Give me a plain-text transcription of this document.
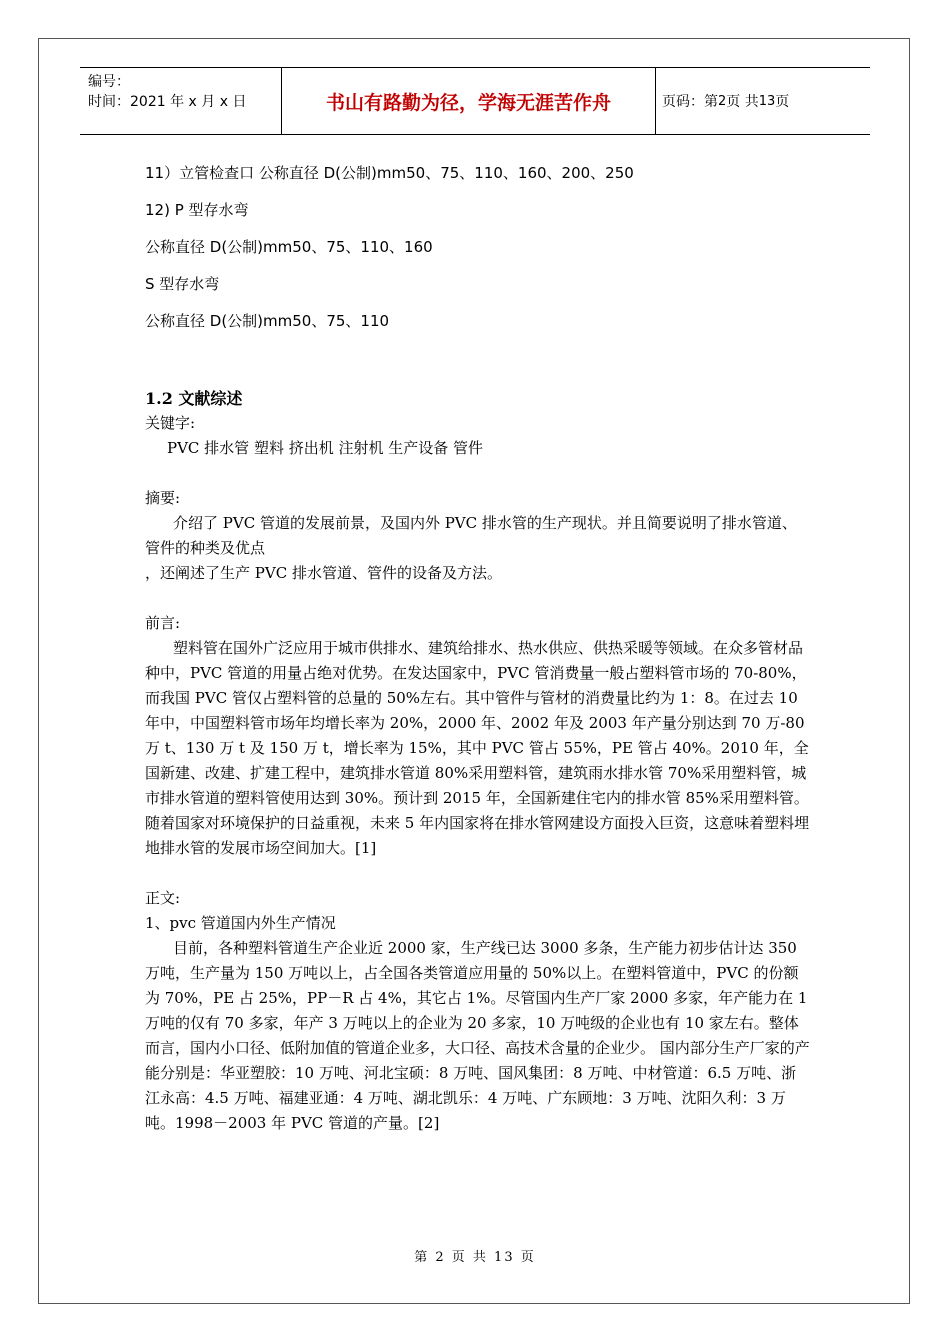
编号：
时间：2021 年 x 月 x 日	书山有路勤为径，学海无涯苦作舟	页码：第 2 页 共 13 页

11）立管检查口 公称直径 D(公制)mm50、75、110、160、200、250

12) P 型存水弯

公称直径 D(公制)mm50、75、110、160

S 型存水弯

公称直径 D(公制)mm50、75、110

1.2 文献综述

关键字:

PVC 排水管 塑料 挤出机 注射机 生产设备 管件

摘要:

介绍了 PVC 管道的发展前景，及国内外 PVC 排水管的生产现状。并且简要说明了排水管道、管件的种类及优点

，还阐述了生产 PVC 排水管道、管件的设备及方法。

前言:

塑料管在国外广泛应用于城市供排水、建筑给排水、热水供应、供热采暖等领域。在众多管材品种中，PVC 管道的用量占绝对优势。在发达国家中，PVC 管消费量一般占塑料管市场的 70-80%，而我国 PVC 管仅占塑料管的总量的 50%左右。其中管件与管材的消费量比约为 1：8。在过去 10 年中，中国塑料管市场年均增长率为 20%，2000 年、2002 年及 2003 年产量分别达到 70 万-80 万 t、130 万 t 及 150 万 t，增长率为 15%，其中 PVC 管占 55%，PE 管占 40%。2010 年，全国新建、改建、扩建工程中，建筑排水管道 80%采用塑料管，建筑雨水排水管 70%采用塑料管，城市排水管道的塑料管使用达到 30%。预计到 2015 年，全国新建住宅内的排水管 85%采用塑料管。随着国家对环境保护的日益重视，未来 5 年内国家将在排水管网建设方面投入巨资，这意味着塑料埋地排水管的发展市场空间加大。[1]

正文:

1、pvc 管道国内外生产情况

目前，各种塑料管道生产企业近 2000 家，生产线已达 3000 多条，生产能力初步估计达 350 万吨，生产量为 150 万吨以上，占全国各类管道应用量的 50%以上。在塑料管道中，PVC 的份额为 70%，PE 占 25%，PP－R 占 4%，其它占 1%。尽管国内生产厂家 2000 多家，年产能力在 1 万吨的仅有 70 多家，年产 3 万吨以上的企业为 20 多家，10 万吨级的企业也有 10 家左右。整体而言，国内小口径、低附加值的管道企业多，大口径、高技术含量的企业少。 国内部分生产厂家的产能分别是：华亚塑胶：10 万吨、河北宝硕：8 万吨、国风集团：8 万吨、中材管道：6.5 万吨、浙江永高：4.5 万吨、福建亚通：4 万吨、湖北凯乐：4 万吨、广东顾地：3 万吨、沈阳久利：3 万吨。1998－2003 年 PVC 管道的产量。[2]

第 2 页 共 13 页
